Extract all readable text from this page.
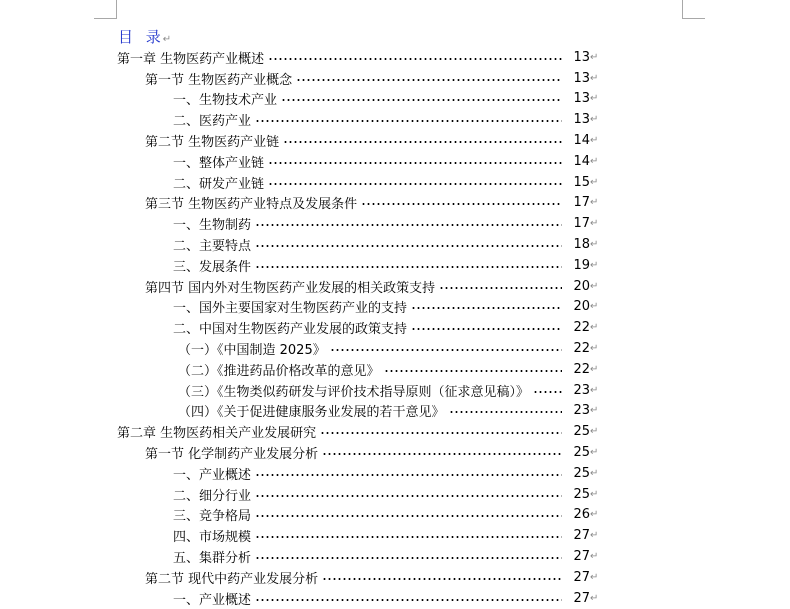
目 录↵
第一章 生物医药产业概述	13 ↵
第一节 生物医药产业概念	13 ↵
一、生物技术产业	13 ↵
二、医药产业	13 ↵
第二节 生物医药产业链	14 ↵
一、整体产业链	14 ↵
二、研发产业链	15 ↵
第三节 生物医药产业特点及发展条件	17 ↵
一、生物制药	17 ↵
二、主要特点	18 ↵
三、发展条件	19 ↵
第四节 国内外对生物医药产业发展的相关政策支持	20 ↵
一、国外主要国家对生物医药产业的支持	20 ↵
二、中国对生物医药产业发展的政策支持	22 ↵
（一）《中国制造 2025》	22 ↵
（二）《推进药品价格改革的意见》	22 ↵
（三）《生物类似药研发与评价技术指导原则（征求意见稿）》	23 ↵
（四）《关于促进健康服务业发展的若干意见》	23 ↵
第二章 生物医药相关产业发展研究	25 ↵
第一节 化学制药产业发展分析	25 ↵
一、产业概述	25 ↵
二、细分行业	25 ↵
三、竞争格局	26 ↵
四、市场规模	27 ↵
五、集群分析	27 ↵
第二节 现代中药产业发展分析	27 ↵
一、产业概述	27 ↵
